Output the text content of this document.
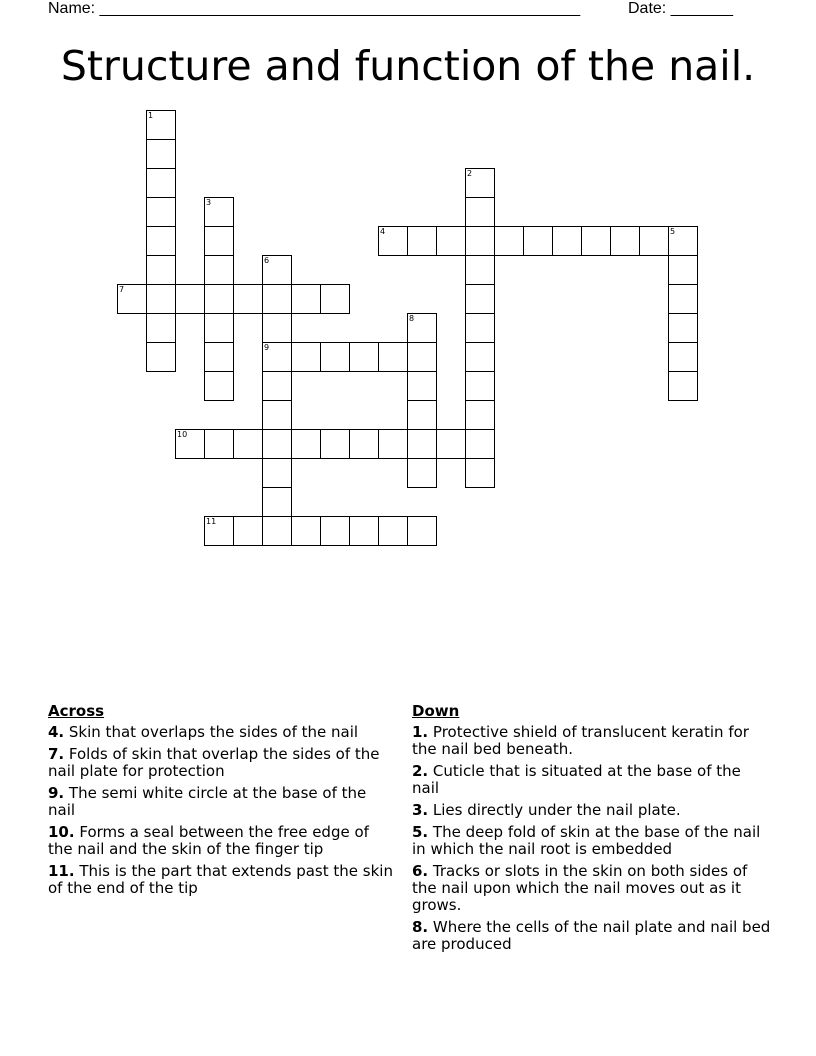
Name: ______________________________________________________	Date: _______
Structure and function of the nail.
1
2
3
4	5
6
9
7
8
10
11
Across
4. Skin that overlaps the sides of the nail
7. Folds of skin that overlap the sides of the nail plate for protection
9. The semi white circle at the base of the nail
10. Forms a seal between the free edge of the nail and the skin of the finger tip
11. This is the part that extends past the skin of the end of the tip
Down
1. Protective shield of translucent keratin for the nail bed beneath.
2. Cuticle that is situated at the base of the nail
3. Lies directly under the nail plate.
5. The deep fold of skin at the base of the nail in which the nail root is embedded
6. Tracks or slots in the skin on both sides of the nail upon which the nail moves out as it grows.
8. Where the cells of the nail plate and nail bed are produced
